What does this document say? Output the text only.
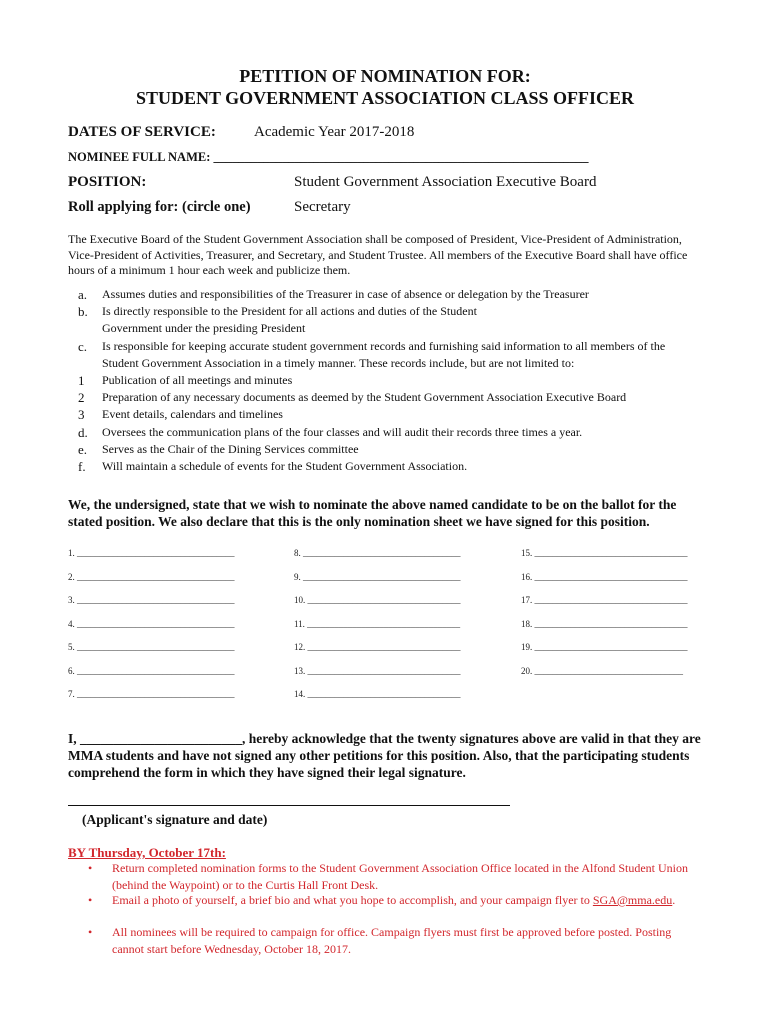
PETITION OF NOMINATION FOR:
STUDENT GOVERNMENT ASSOCIATION CLASS OFFICER
DATES OF SERVICE:	Academic Year 2017-2018
NOMINEE FULL NAME: ____________________________________________________________
POSITION:	Student Government Association Executive Board
Roll applying for: (circle one)	Secretary
The Executive Board of the Student Government Association shall be composed of President, Vice-President of Administration, Vice-President of Activities, Treasurer, and Secretary, and Student Trustee. All members of the Executive Board shall have office hours of a minimum 1 hour each week and publicize them.
a.	Assumes duties and responsibilities of the Treasurer in case of absence or delegation by the Treasurer
b.	Is directly responsible to the President for all actions and duties of the Student
Government under the presiding President
c.	Is responsible for keeping accurate student government records and furnishing said information to all members of the
Student Government Association in a timely manner. These records include, but are not limited to:
1	Publication of all meetings and minutes
2	Preparation of any necessary documents as deemed by the Student Government Association Executive Board
3	Event details, calendars and timelines
d.	Oversees the communication plans of the four classes and will audit their records three times a year.
e.	Serves as the Chair of the Dining Services committee
f.	Will maintain a schedule of events for the Student Government Association.
We, the undersigned, state that we wish to nominate the above named candidate to be on the ballot for the stated position. We also declare that this is the only nomination sheet we have signed for this position.
1. ___________________________________	8. ___________________________________	15. __________________________________
2. ___________________________________	9. ___________________________________	16. __________________________________
3. ___________________________________	10. __________________________________	17. __________________________________
4. ___________________________________	11. __________________________________	18. __________________________________
5. ___________________________________	12. __________________________________	19. __________________________________
6. ___________________________________	13. __________________________________	20. _________________________________
7. ___________________________________	14. __________________________________
I, ________________________, hereby acknowledge that the twenty signatures above are valid in that they are MMA students and have not signed any other petitions for this position. Also, that the participating students comprehend the form in which they have signed their legal signature.
(Applicant's signature and date)
BY Thursday, October 17th:
• Return completed nomination forms to the Student Government Association Office located in the Alfond Student Union (behind the Waypoint) or to the Curtis Hall Front Desk.
• Email a photo of yourself, a brief bio and what you hope to accomplish, and your campaign flyer to SGA@mma.edu.
• All nominees will be required to campaign for office. Campaign flyers must first be approved before posted. Posting cannot start before Wednesday, October 18, 2017.
